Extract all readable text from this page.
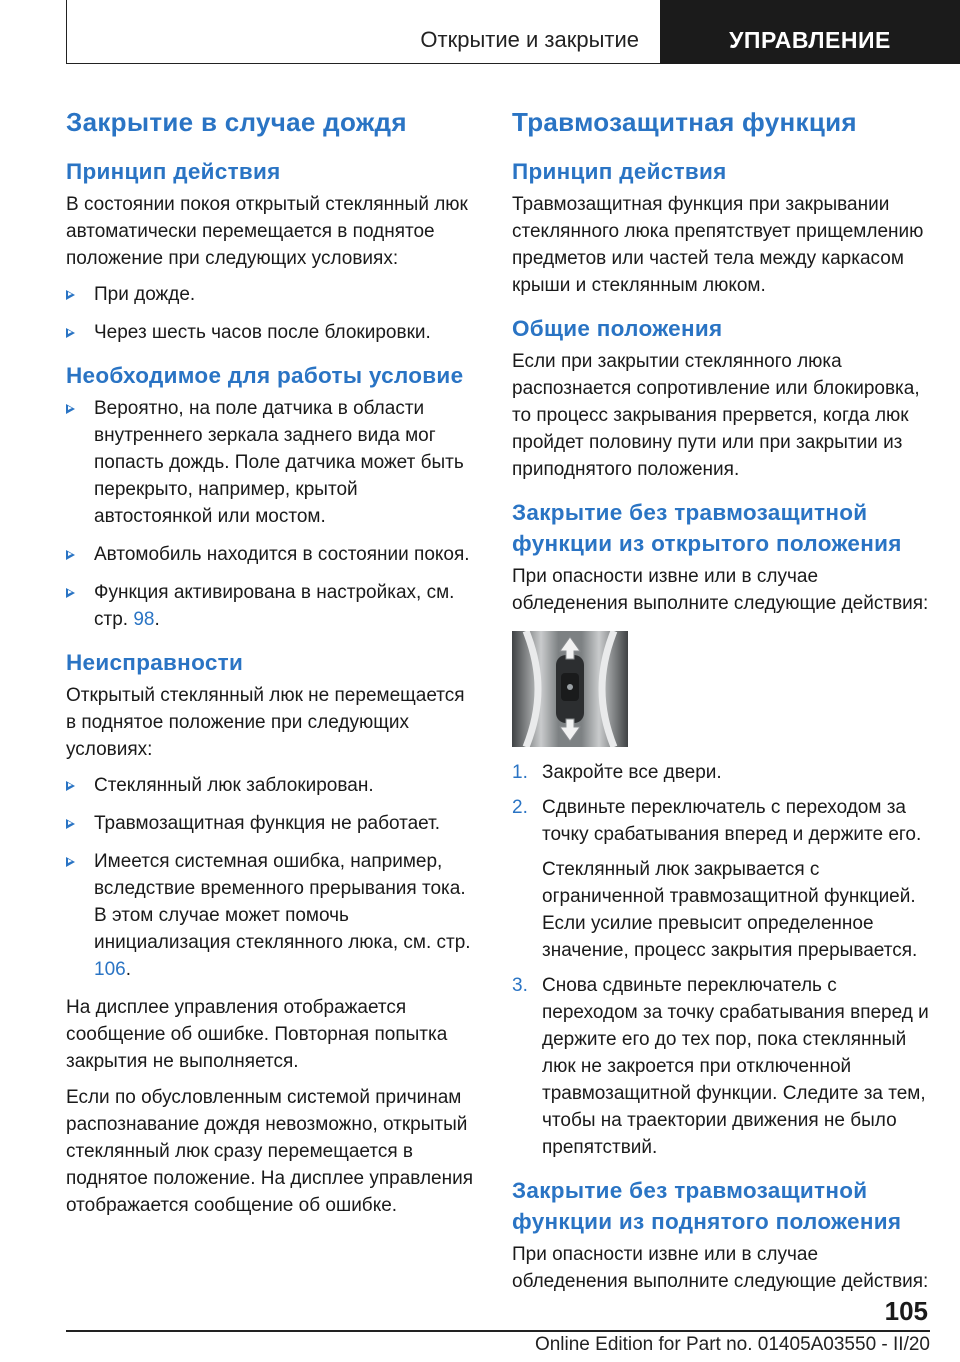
Открытие и закрытие	УПРАВЛЕНИЕ
Закрытие в случае дождя
Принцип действия

В состоянии покоя открытый стеклянный люк автоматически перемещается в поднятое положение при следующих условиях:

При дожде.
Через шесть часов после блокировки.
Необходимое для работы условие
Вероятно, на поле датчика в области внутреннего зеркала заднего вида мог попасть дождь. Поле датчика может быть перекрыто, например, крытой автостоянкой или мостом.
Автомобиль находится в состоянии покоя.
Функция активирована в настройках, см. стр. 98.
Неисправности

Открытый стеклянный люк не перемещается в поднятое положение при следующих условиях:

Стеклянный люк заблокирован.
Травмозащитная функция не работает.
Имеется системная ошибка, например, вследствие временного прерывания тока. В этом случае может помочь инициализация стеклянного люка, см. стр. 106.

На дисплее управления отображается сообщение об ошибке. Повторная попытка закрытия не выполняется.

Если по обусловленным системой причинам распознавание дождя невозможно, открытый стеклянный люк сразу перемещается в поднятое положение. На дисплее управления отображается сообщение об ошибке.

Травмозащитная функция
Принцип действия

Травмозащитная функция при закрывании стеклянного люка препятствует прищемлению предметов или частей тела между каркасом крыши и стеклянным люком.

Общие положения

Если при закрытии стеклянного люка распознается сопротивление или блокировка, то процесс закрывания прервется, когда люк пройдет половину пути или при закрытии из приподнятого положения.

Закрытие без травмозащитной функции из открытого положения

При опасности извне или в случае обледенения выполните следующие действия:

1. Закройте все двери.
2. Сдвиньте переключатель с переходом за точку срабатывания вперед и держите его.
Стеклянный люк закрывается с ограниченной травмозащитной функцией. Если усилие превысит определенное значение, процесс закрытия прерывается.
3. Снова сдвиньте переключатель с переходом за точку срабатывания вперед и держите его до тех пор, пока стеклянный люк не закроется при отключенной травмозащитной функции. Следите за тем, чтобы на траектории движения не было препятствий.
Закрытие без травмозащитной функции из поднятого положения

При опасности извне или в случае обледенения выполните следующие действия:

105
Online Edition for Part no. 01405A03550 - II/20
